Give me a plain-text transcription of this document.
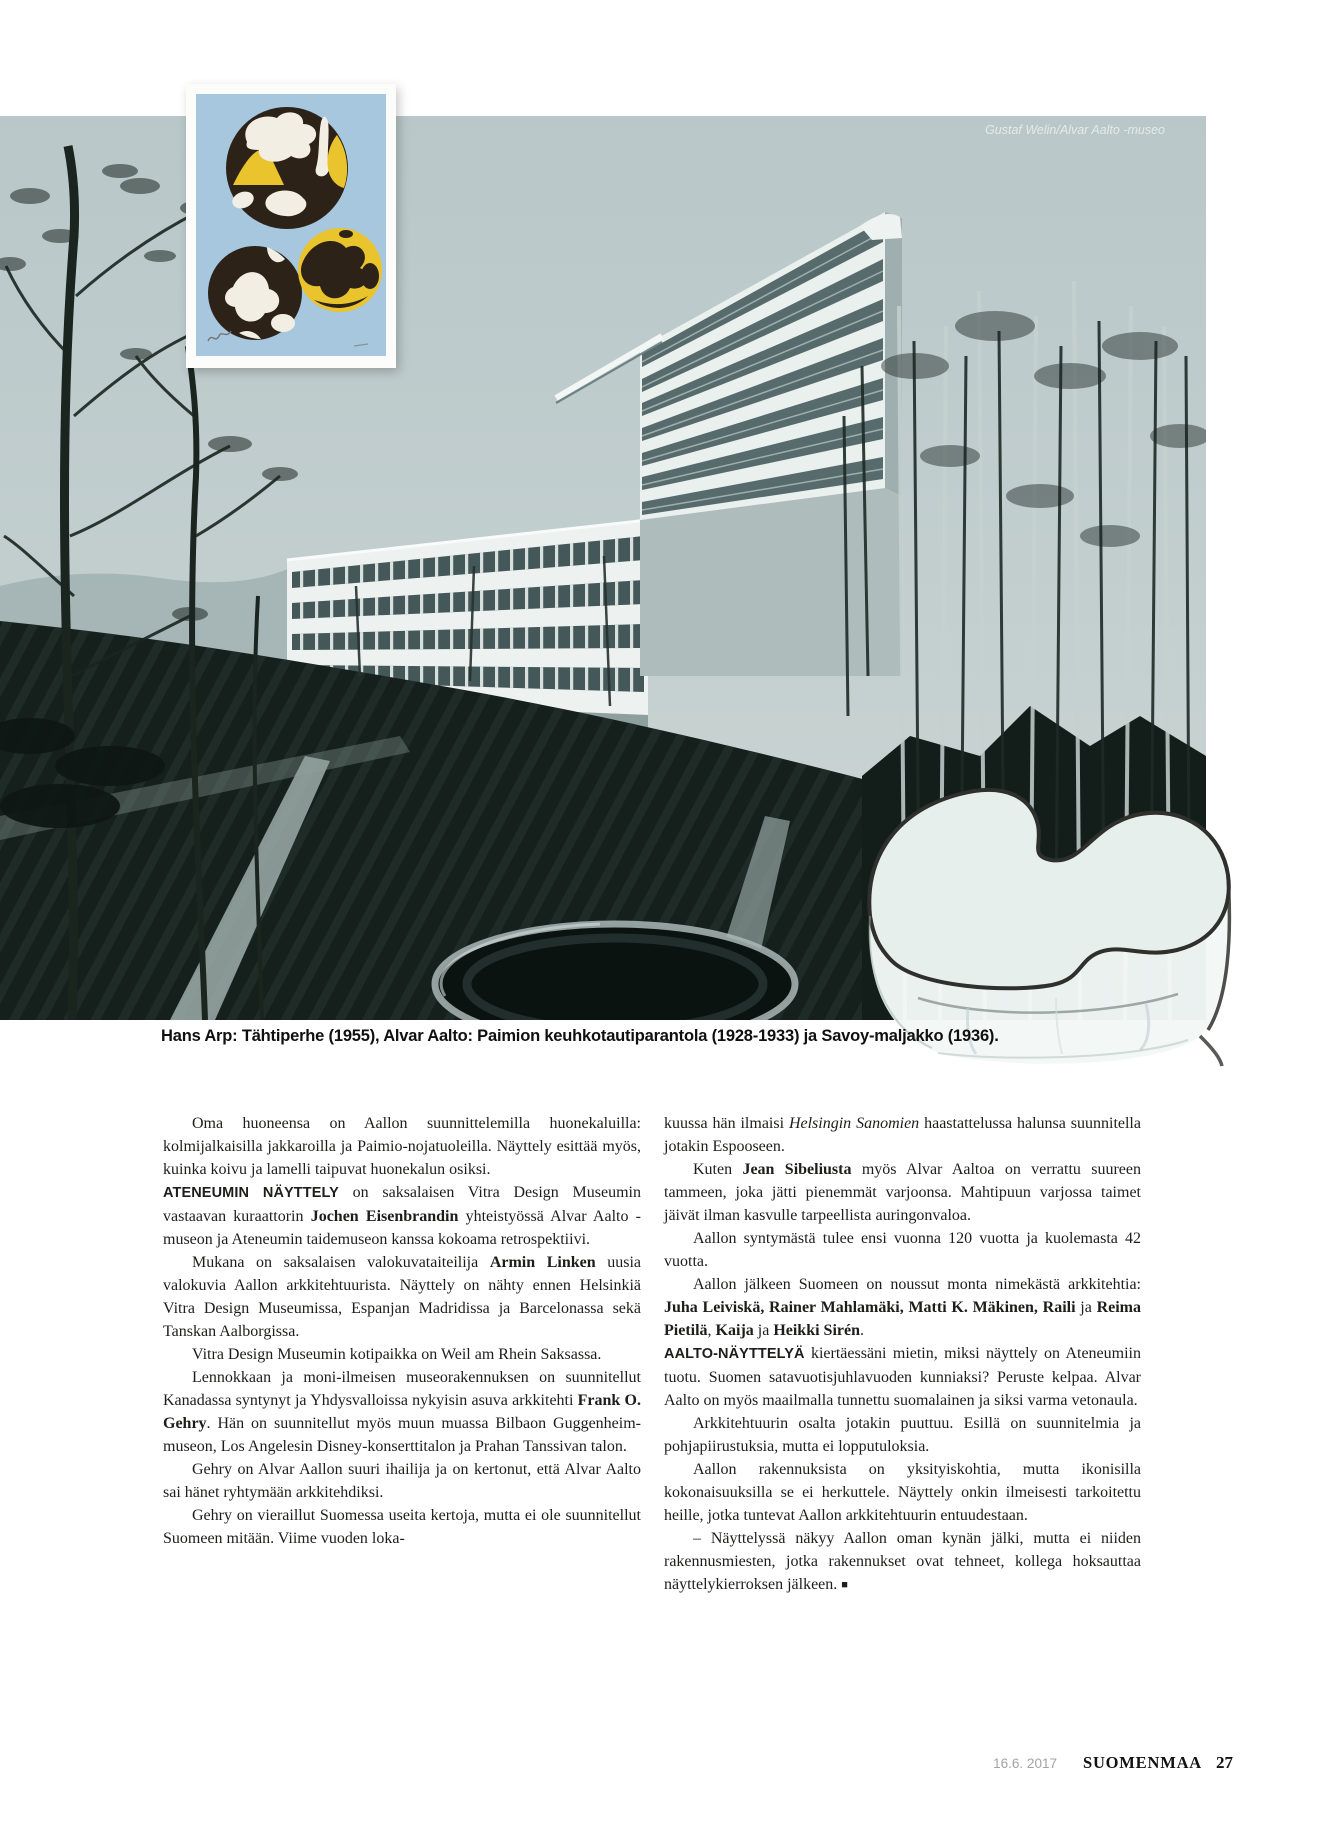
Gustaf Welin/Alvar Aalto -museo
Hans Arp: Tähtiperhe (1955), Alvar Aalto: Paimion keuhkotautiparantola (1928-1933) ja Savoy-maljakko (1936).

Oma huoneensa on Aallon suunnittelemilla huonekaluilla: kolmijalkaisilla jakkaroilla ja Paimio-nojatuoleilla. Näyttely esittää myös, kuinka koivu ja lamelli taipuvat huonekalun osiksi.

ATENEUMIN NÄYTTELY on saksalaisen Vitra Design Museumin vastaavan kuraattorin Jochen Eisenbrandin yhteistyössä Alvar Aalto -museon ja Ateneumin taidemuseon kanssa kokoama retrospektiivi.

Mukana on saksalaisen valokuvataiteilija Armin Linken uusia valokuvia Aallon arkkitehtuurista. Näyttely on nähty ennen Helsinkiä Vitra Design Museumissa, Espanjan Madridissa ja Barcelonassa sekä Tanskan Aalborgissa.

Vitra Design Museumin kotipaikka on Weil am Rhein Saksassa.

Lennokkaan ja moni-ilmeisen museorakennuksen on suunnitellut Kanadassa syntynyt ja Yhdysvalloissa nykyisin asuva arkkitehti Frank O. Gehry. Hän on suunnitellut myös muun muassa Bilbaon Guggenheim-museon, Los Angelesin Disney-konserttitalon ja Prahan Tanssivan talon.

Gehry on Alvar Aallon suuri ihailija ja on kertonut, että Alvar Aalto sai hänet ryhtymään arkkitehdiksi.

Gehry on vieraillut Suomessa useita kertoja, mutta ei ole suunnitellut Suomeen mitään. Viime vuoden loka-

kuussa hän ilmaisi Helsingin Sanomien haastattelussa halunsa suunnitella jotakin Espooseen.

Kuten Jean Sibeliusta myös Alvar Aaltoa on verrattu suureen tammeen, joka jätti pienemmät varjoonsa. Mahtipuun varjossa taimet jäivät ilman kasvulle tarpeellista auringonvaloa.

Aallon syntymästä tulee ensi vuonna 120 vuotta ja kuolemasta 42 vuotta.

Aallon jälkeen Suomeen on noussut monta nimekästä arkkitehtia: Juha Leiviskä, Rainer Mahlamäki, Matti K. Mäkinen, Raili ja Reima Pietilä, Kaija ja Heikki Sirén.

AALTO-NÄYTTELYÄ kiertäessäni mietin, miksi näyttely on Ateneumiin tuotu. Suomen satavuotisjuhlavuoden kunniaksi? Peruste kelpaa. Alvar Aalto on myös maailmalla tunnettu suomalainen ja siksi varma vetonaula.

Arkkitehtuurin osalta jotakin puuttuu. Esillä on suunnitelmia ja pohjapiirustuksia, mutta ei lopputuloksia.

Aallon rakennuksista on yksityiskohtia, mutta ikonisilla kokonaisuuksilla se ei herkuttele. Näyttely onkin ilmeisesti tarkoitettu heille, jotka tuntevat Aallon arkkitehtuurin entuudestaan.

– Näyttelyssä näkyy Aallon oman kynän jälki, mutta ei niiden rakennusmiesten, jotka rakennukset ovat tehneet, kollega hoksauttaa näyttelykierroksen jälkeen. ■

16.6. 2017 SUOMENMAA 27
